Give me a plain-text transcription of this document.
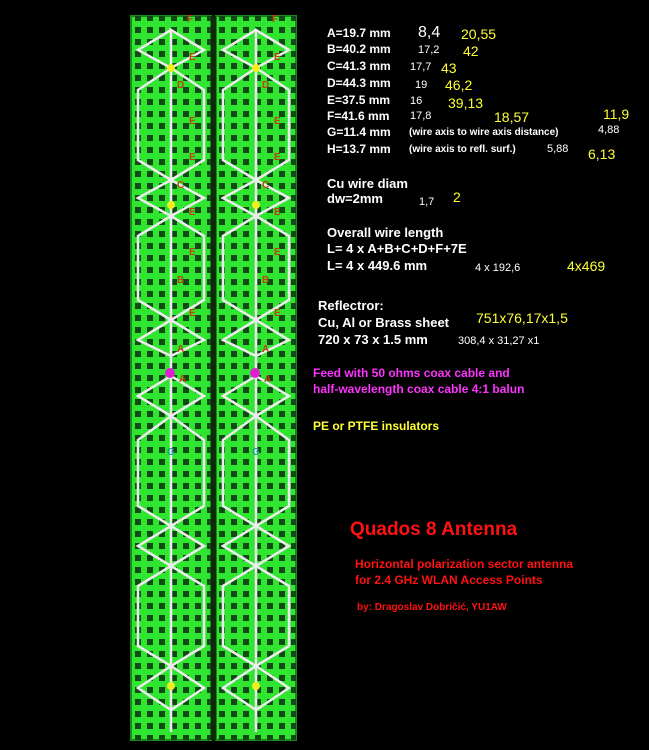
F
E
D
E
E
C
E
E
B
E
A
A
G
F
E
D
E
E
C
E
E
B
E
A
A
G
A=19.7 mm 8,4 20,55
B=40.2 mm 17,2 42
C=41.3 mm 17,7 43
D=44.3 mm 19 46,2
E=37.5 mm 16 39,13
F=41.6 mm 17,8	18,57	11,9
G=11.4 mm (wire axis to wire axis distance)	4,88
H=13.7 mm (wire axis to refl. surf.)	5,88 6,13
Cu wire diam
dw=2mm	1,7 2
Overall wire length
L= 4 x A+B+C+D+F+7E
L= 4 x 449.6 mm	4 x 192,6	4x469
Reflectror:
Cu, Al or Brass sheet 751x76,17x1,5
720 x 73 x 1.5 mm	308,4 x 31,27 x1
Feed with 50 ohms coax cable and
half-wavelength coax cable 4:1 balun
PE or PTFE insulators
Quados 8 Antenna
Horizontal polarization sector antenna
for 2.4 GHz WLAN Access Points
by: Dragoslav Dobričić, YU1AW
